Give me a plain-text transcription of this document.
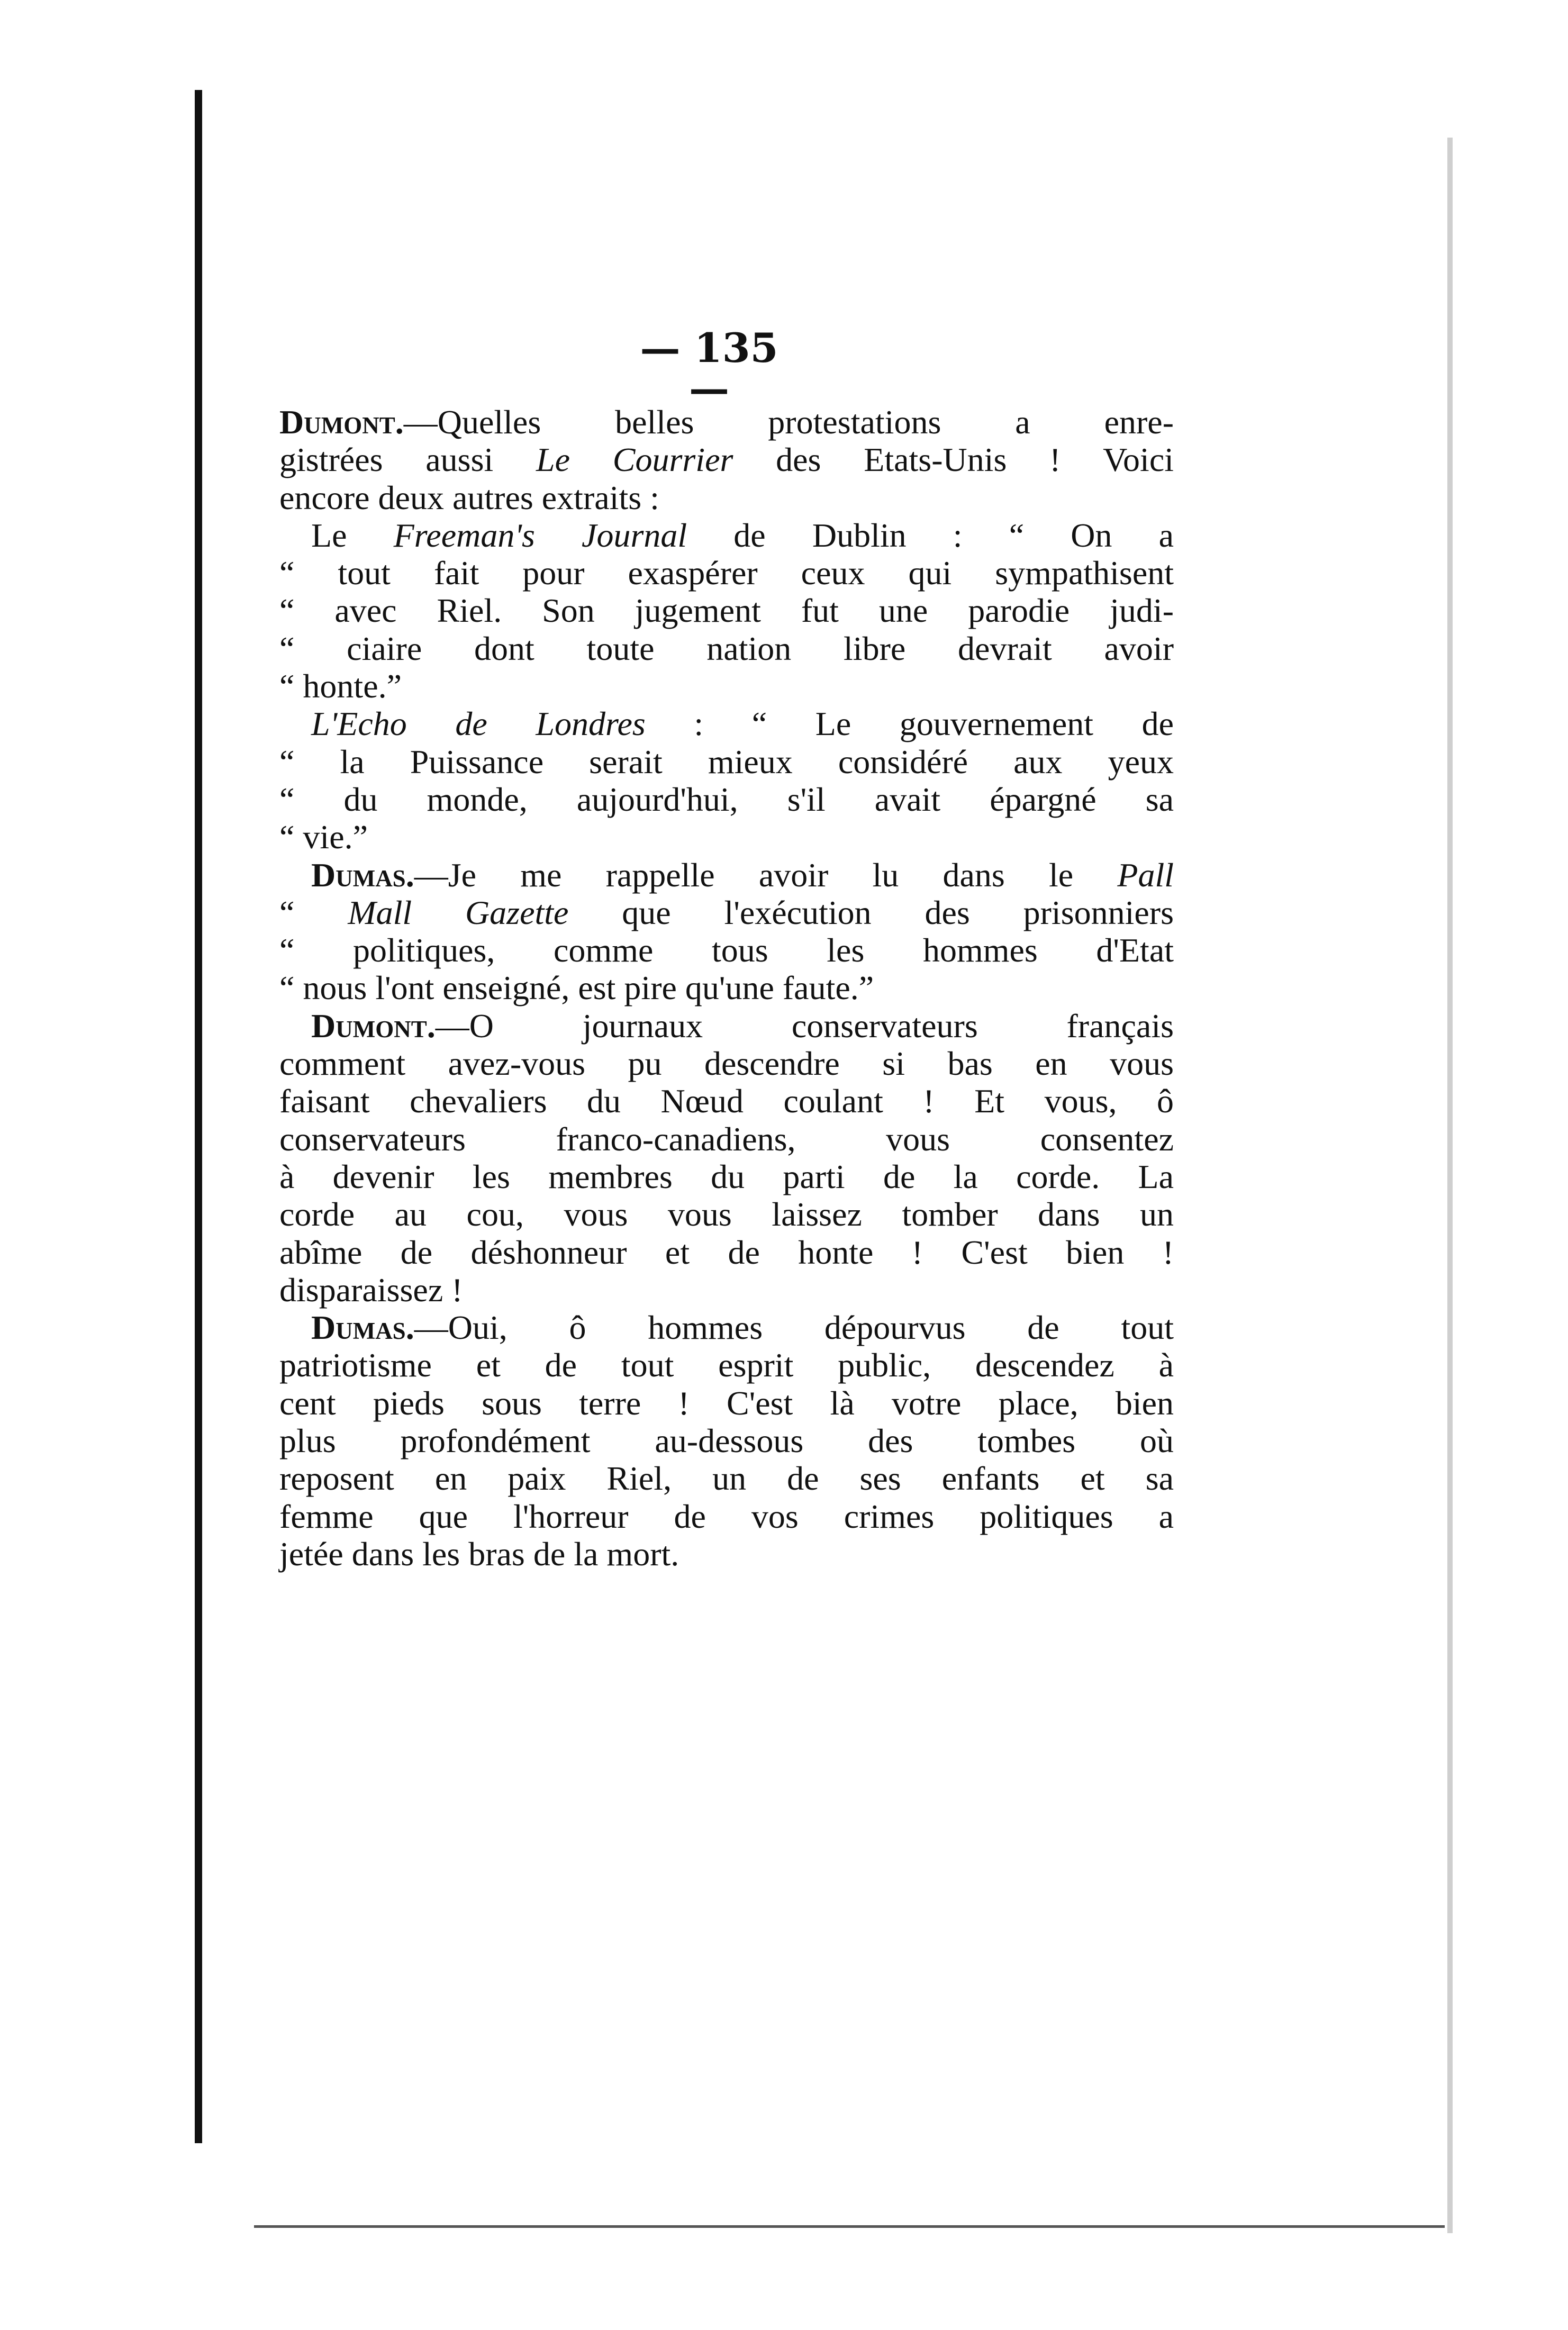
— 135 —
Dumont.—Quelles belles protestations a enre-
gistrées aussi Le Courrier des Etats-Unis ! Voici
encore deux autres extraits :
Le Freeman's Journal de Dublin : “ On a
“ tout fait pour exaspérer ceux qui sympathisent
“ avec Riel. Son jugement fut une parodie judi-
“ ciaire dont toute nation libre devrait avoir
“ honte.”
L'Echo de Londres : “ Le gouvernement de
“ la Puissance serait mieux considéré aux yeux
“ du monde, aujourd'hui, s'il avait épargné sa
“ vie.”
Dumas.—Je me rappelle avoir lu dans le Pall
“ Mall Gazette que l'exécution des prisonniers
“ politiques, comme tous les hommes d'Etat
“ nous l'ont enseigné, est pire qu'une faute.”
Dumont.—O journaux conservateurs français
comment avez-vous pu descendre si bas en vous
faisant chevaliers du Nœud coulant ! Et vous, ô
conservateurs franco-canadiens, vous consentez
à devenir les membres du parti de la corde. La
corde au cou, vous vous laissez tomber dans un
abîme de déshonneur et de honte ! C'est bien !
disparaissez !
Dumas.—Oui, ô hommes dépourvus de tout
patriotisme et de tout esprit public, descendez à
cent pieds sous terre ! C'est là votre place, bien
plus profondément au-dessous des tombes où
reposent en paix Riel, un de ses enfants et sa
femme que l'horreur de vos crimes politiques a
jetée dans les bras de la mort.
